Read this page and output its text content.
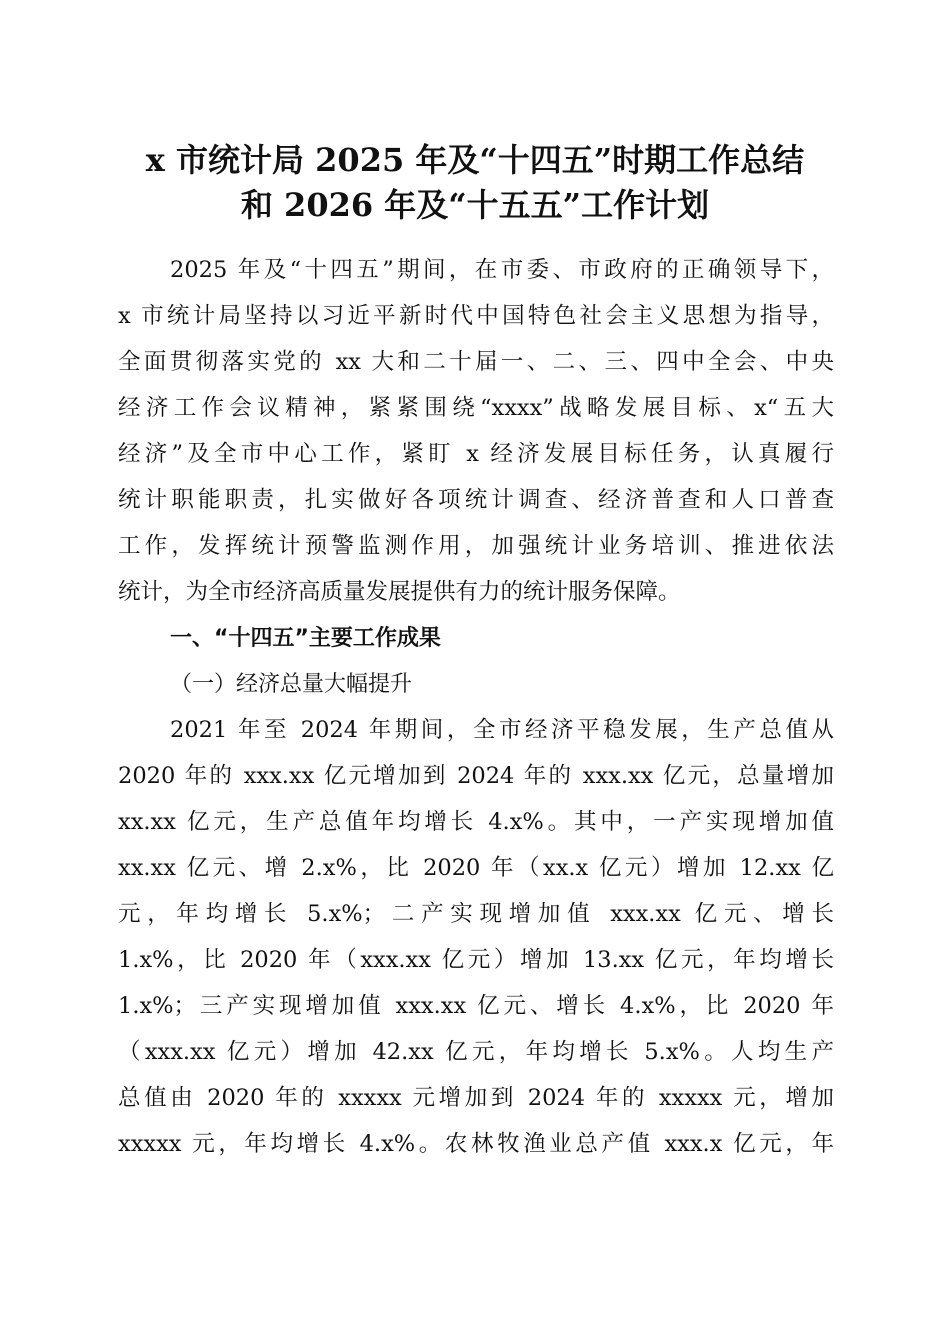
x 市统计局 2025 年及“十四五”时期工作总结
和 2026 年及“十五五”工作计划
2025 年及“十四五”期间，在市委、市政府的正确领导下，
x 市统计局坚持以习近平新时代中国特色社会主义思想为指导，
全面贯彻落实党的 xx 大和二十届一、二、三、四中全会、中央
经济工作会议精神，紧紧围绕“xxxx”战略发展目标、x“五大
经济”及全市中心工作，紧盯 x 经济发展目标任务，认真履行
统计职能职责，扎实做好各项统计调查、经济普查和人口普查
工作，发挥统计预警监测作用，加强统计业务培训、推进依法
统计，为全市经济高质量发展提供有力的统计服务保障。
一、“十四五”主要工作成果
（一）经济总量大幅提升
2021 年至 2024 年期间，全市经济平稳发展，生产总值从
2020 年的 xxx.xx 亿元增加到 2024 年的 xxx.xx 亿元，总量增加
xx.xx 亿元，生产总值年均增长 4.x%。其中，一产实现增加值
xx.xx 亿元、增 2.x%，比 2020 年（xx.x 亿元）增加 12.xx 亿
元，年均增长 5.x%；二产实现增加值 xxx.xx 亿元、增长
1.x%，比 2020 年（xxx.xx 亿元）增加 13.xx 亿元，年均增长
1.x%；三产实现增加值 xxx.xx 亿元、增长 4.x%，比 2020 年
（xxx.xx 亿元）增加 42.xx 亿元，年均增长 5.x%。人均生产
总值由 2020 年的 xxxxx 元增加到 2024 年的 xxxxx 元，增加
xxxxx 元，年均增长 4.x%。农林牧渔业总产值 xxx.x 亿元，年
